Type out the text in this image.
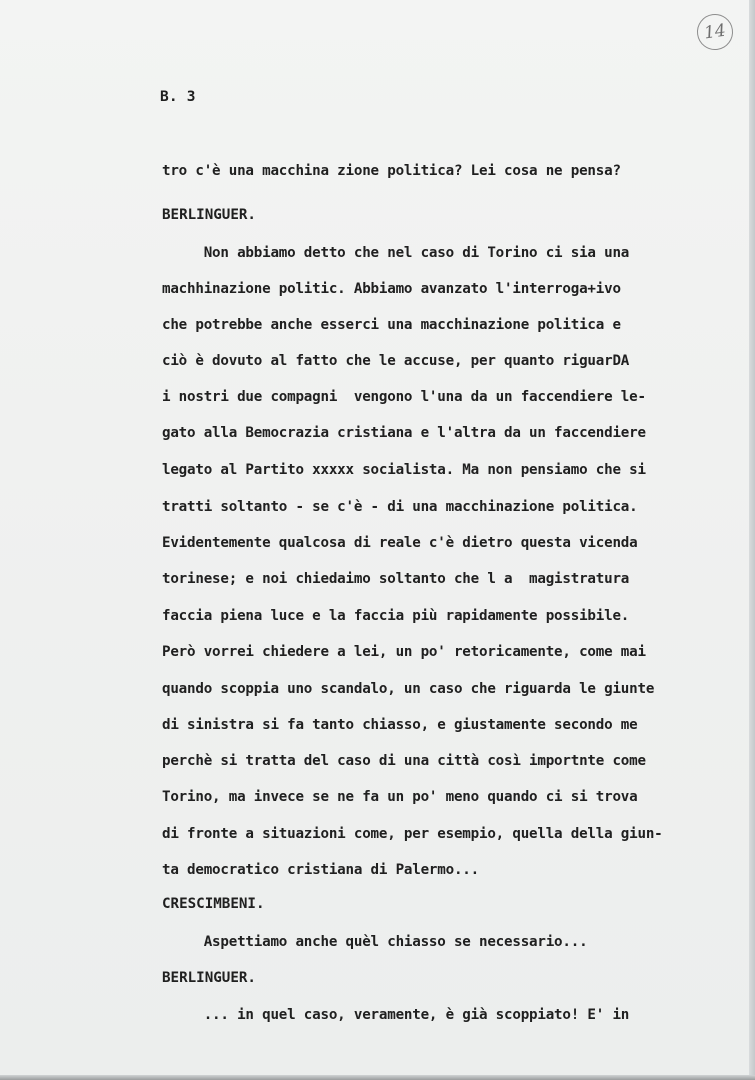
14
B. 3
tro c'è una macchina zione politica? Lei cosa ne pensa?
BERLINGUER.
Non abbiamo detto che nel caso di Torino ci sia una
machhinazione politic. Abbiamo avanzato l'interroga+ivo
che potrebbe anche esserci una macchinazione politica e
ciò è dovuto al fatto che le accuse, per quanto riguarDA
i nostri due compagni  vengono l'una da un faccendiere le-
gato alla Bemocrazia cristiana e l'altra da un faccendiere
legato al Partito xxxxx socialista. Ma non pensiamo che si
tratti soltanto - se c'è - di una macchinazione politica.
Evidentemente qualcosa di reale c'è dietro questa vicenda
torinese; e noi chiedaimo soltanto che l a  magistratura
faccia piena luce e la faccia più rapidamente possibile.
Però vorrei chiedere a lei, un po' retoricamente, come mai
quando scoppia uno scandalo, un caso che riguarda le giunte
di sinistra si fa tanto chiasso, e giustamente secondo me
perchè si tratta del caso di una città così importnte come
Torino, ma invece se ne fa un po' meno quando ci si trova
di fronte a situazioni come, per esempio, quella della giun-
ta democratico cristiana di Palermo...
CRESCIMBENI.
Aspettiamo anche quèl chiasso se necessario...
BERLINGUER.
... in quel caso, veramente, è già scoppiato! E' in
